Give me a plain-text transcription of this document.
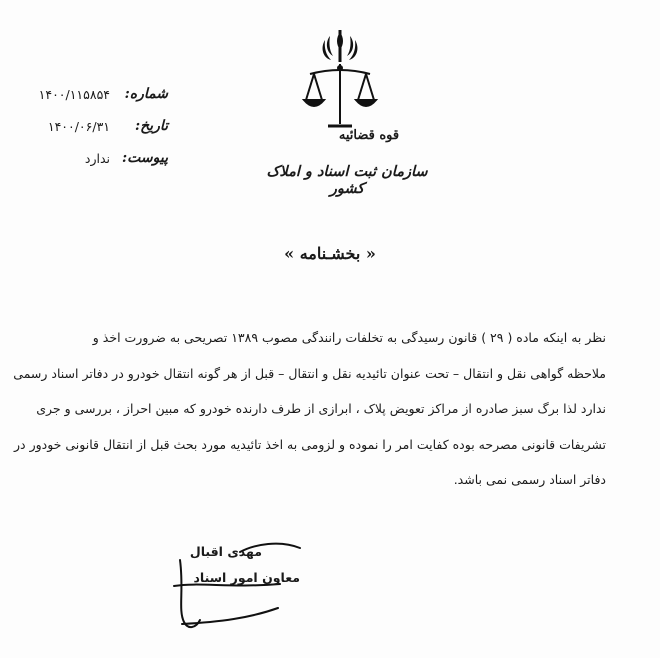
قوه قضائیه
سازمان ثبت اسناد و املاک کشور
شماره:
۱۴۰۰/۱۱۵۸۵۴
تاریخ:
۱۴۰۰/۰۶/۳۱
پیوست:
ندارد
« بخشـنامه »

نظر به اینکه ماده ( ۲۹ ) قانون رسیدگی به تخلفات رانندگی مصوب ۱۳۸۹ تصریحی به ضرورت اخذ و

ملاحظه گواهی نقل و انتقال – تحت عنوان تائیدیه نقل و انتقال – قبل از هر گونه انتقال خودرو در دفاتر اسناد رسمی

ندارد لذا برگ سبز صادره از مراکز تعویض پلاک ، ابرازی از طرف دارنده خودرو که مبین احراز ، بررسی و جری

تشریفات قانونی مصرحه بوده کفایت امر را نموده و لزومی به اخذ تائیدیه مورد بحث قبل از انتقال قانونی خودور در

دفاتر اسناد رسمی نمی باشد.

مهدی اقبال
معاون امور اسناد
